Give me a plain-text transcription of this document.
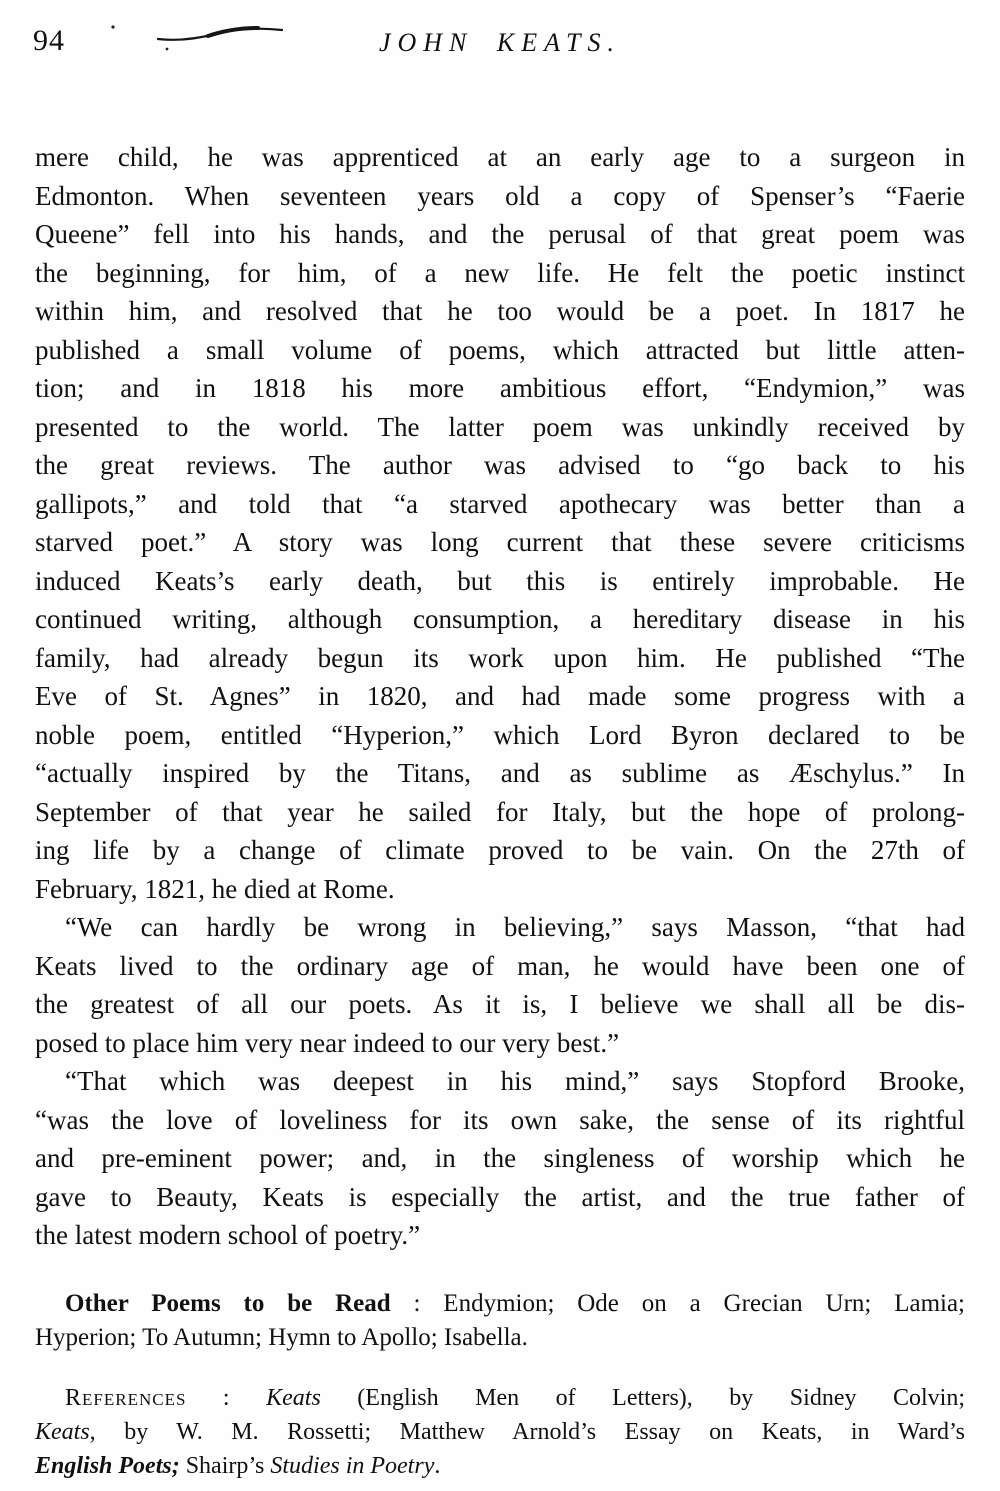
94	JOHN KEATS.
mere child, he was apprenticed at an early age to a surgeon in
Edmonton. When seventeen years old a copy of Spenser’s “Faerie
Queene” fell into his hands, and the perusal of that great poem was
the beginning, for him, of a new life. He felt the poetic instinct
within him, and resolved that he too would be a poet. In 1817 he
published a small volume of poems, which attracted but little atten-
tion; and in 1818 his more ambitious effort, “Endymion,” was
presented to the world. The latter poem was unkindly received by
the great reviews. The author was advised to “go back to his
gallipots,” and told that “a starved apothecary was better than a
starved poet.” A story was long current that these severe criticisms
induced Keats’s early death, but this is entirely improbable. He
continued writing, although consumption, a hereditary disease in his
family, had already begun its work upon him. He published “The
Eve of St. Agnes” in 1820, and had made some progress with a
noble poem, entitled “Hyperion,” which Lord Byron declared to be
“actually inspired by the Titans, and as sublime as Æschylus.” In
September of that year he sailed for Italy, but the hope of prolong-
ing life by a change of climate proved to be vain. On the 27th of
February, 1821, he died at Rome.
“We can hardly be wrong in believing,” says Masson, “that had
Keats lived to the ordinary age of man, he would have been one of
the greatest of all our poets. As it is, I believe we shall all be dis-
posed to place him very near indeed to our very best.”
“That which was deepest in his mind,” says Stopford Brooke,
“was the love of loveliness for its own sake, the sense of its rightful
and pre-eminent power; and, in the singleness of worship which he
gave to Beauty, Keats is especially the artist, and the true father of
the latest modern school of poetry.”
Other Poems to be Read : Endymion; Ode on a Grecian Urn; Lamia;
Hyperion; To Autumn; Hymn to Apollo; Isabella.
References : Keats (English Men of Letters), by Sidney Colvin;
Keats, by W. M. Rossetti; Matthew Arnold’s Essay on Keats, in Ward’s
English Poets; Shairp’s Studies in Poetry.
